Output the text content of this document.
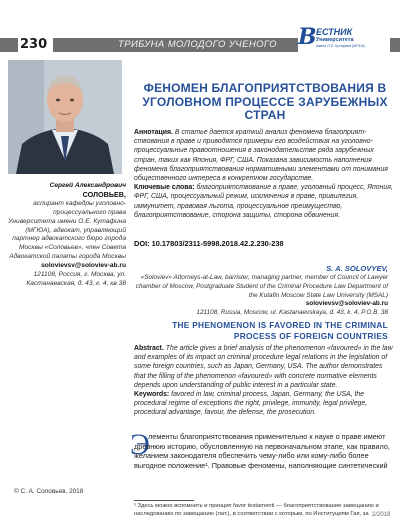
230	ТРИБУНА МОЛОДОГО УЧЕНОГО В ЕСТНИК
Университета
имени О.Е. Кутафина (МГЮА)
ФЕНОМЕН БЛАГОПРИЯТСТВОВАНИЯ В УГОЛОВНОМ ПРОЦЕССЕ ЗАРУБЕЖНЫХ СТРАН
Аннотация. В статье дается краткий анализ феномена благоприятствования в праве и приводятся примеры его воздействия на уголовно-процессуальные правоотношения в законодательстве ряда зарубежных стран, таких как Япония, ФРГ, США. Показана зависимость наполнения феномена благоприятствования нормативными элементами от понимания общественного интереса в конкретном государстве.
Ключевые слова: благоприятствование в праве, уголовный процесс, Япония, ФРГ, США, процессуальный режим, исключения в праве, привилегия, иммунитет, правовая льгота, процессуальное преимущество, благоприятствование, сторона защиты, сторона обвинения.
Сергей Александрович
СОЛОВЬЕВ,
аспирант кафедры уголовно-процессуального права Университета имени О.Е. Кутафина (МГЮА), адвокат, управляющий партнер адвокатского бюро города Москвы «Соловьев», член Совета Адвокатской палаты города Москвы
solovievsv@soloviev-ab.ru
121108, Россия, г. Москва, ул. Кастанаевская, д. 43, к. 4, кв 38
DOI: 10.17803/2311-5998.2018.42.2.230-238
S. A. SOLOVYEV,
«Soloviev» Attorneys-at-Law, barrister, managing partner, member of Council of Lawyer chamber of Moscow, Postgraduate Student of the Criminal Procedure Law Department of the Kutafin Moscow State Law University (MSAL)
solovievsv@soloviev-ab.ru
121108, Russia, Moscow, ul. Kastanaevskaya, d. 43, k. 4, P.O.B. 38
THE PHENOMENON IS FAVORED IN THE CRIMINAL PROCESS OF FOREIGN COUNTRIES
Abstract. The article gives a brief analysis of the phenomenon «favoured» in the law and examples of its impact on criminal procedure legal relations in the legislation of some foreign countries, such as Japan, Germany, USA. The author demonstrates that the filling of the phenomenon «favoured» with concrete normative elements depends upon understanding of public interest in a particular state.
Keywords: favored in law, criminal process, Japan, Germany, the USA, the procedural regime of exceptions the right, privilege, immunity, legal privilege, procedural advantage, favour, the defense, the prosecution.
Э
лементы благоприятствования применительно к науке о праве имеют древнюю историю, обусловленную на первоначальном этапе, как правило, желанием законодателя обеспечить чему-либо или кому-либо более выгодное положение¹. Правовые феномены, наполняющие синтетический
© С. А. Соловьев, 2018
¹ Здесь можно вспомнить и принцип favor testamenti — благоприятствование завещанию и наследованию по завещанию (лат.), в соответствии с которым, по Институциям Гая, за 2/2018
